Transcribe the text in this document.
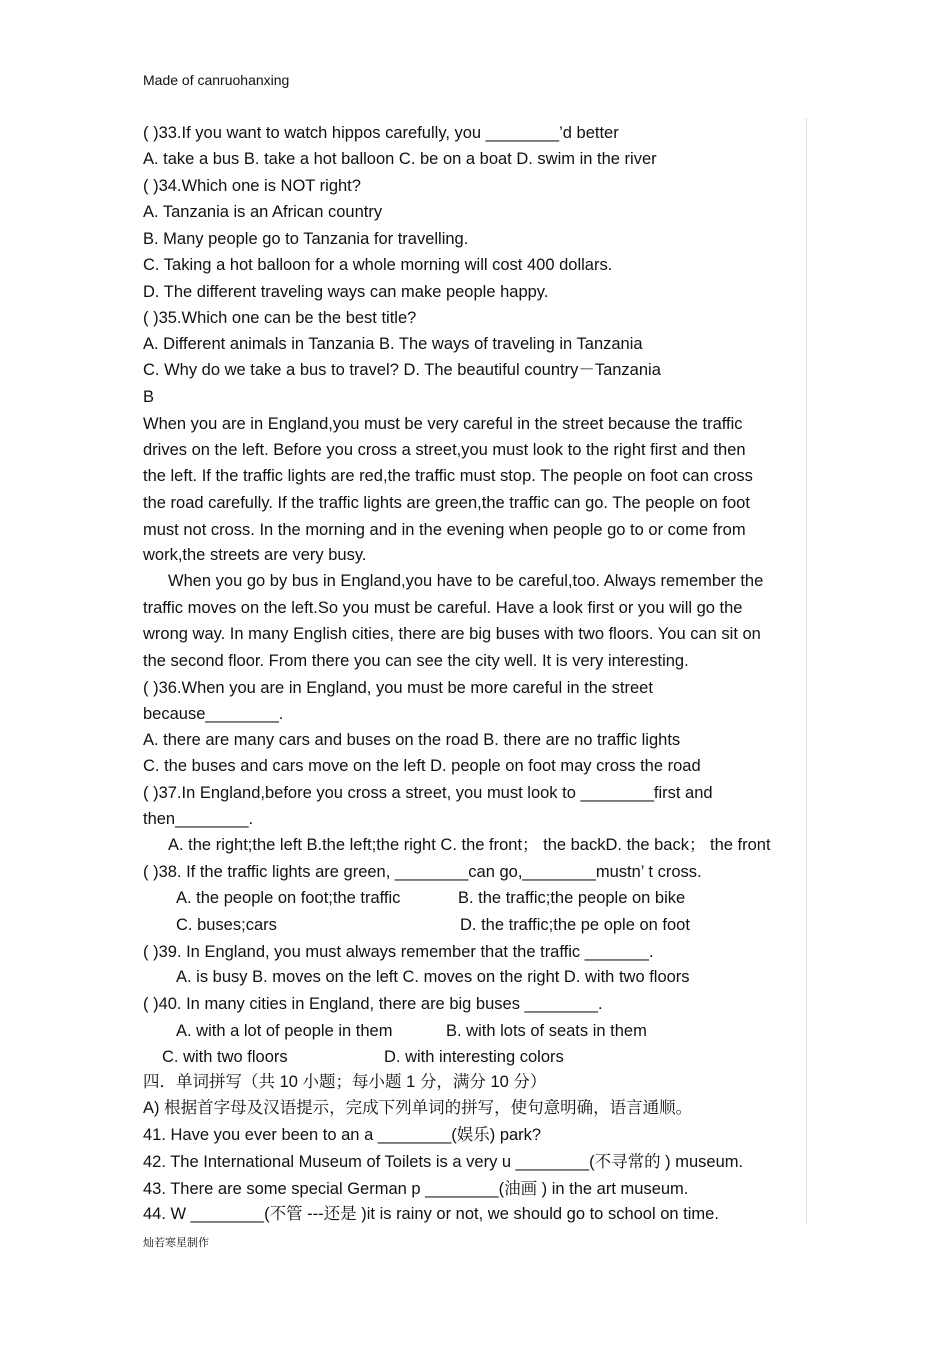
Made of canruohanxing
( )33.If you want to watch hippos carefully, you ________’d better
A. take a bus B. take a hot balloon C. be on a boat D. swim in the river
( )34.Which one is NOT right?
A. Tanzania is an African country
B. Many people go to Tanzania for travelling.
C. Taking a hot balloon for a whole morning will cost 400 dollars.
D. The different traveling ways can make people happy.
( )35.Which one can be the best title?
A. Different animals in Tanzania B. The ways of traveling in Tanzania
C. Why do we take a bus to travel? D. The beautiful country－Tanzania
B
When you are in England,you must be very careful in the street because the traffic
drives on the left. Before you cross a street,you must look to the right first and then
the left. If the traffic lights are red,the traffic must stop. The people on foot can cross
the road carefully. If the traffic lights are green,the traffic can go. The people on foot
must not cross. In the morning and in the evening when people go to or come from
work,the streets are very busy.
When you go by bus in England,you have to be careful,too. Always remember the
traffic moves on the left.So you must be careful. Have a look first or you will go the
wrong way. In many English cities, there are big buses with two floors. You can sit on
the second floor. From there you can see the city well. It is very interesting.
( )36.When you are in England, you must be more careful in the street
because________.
A. there are many cars and buses on the road B. there are no traffic lights
C. the buses and cars move on the left D. people on foot may cross the road
( )37.In England,before you cross a street, you must look to ________first and
then________.
A. the right;the left B.the left;the right C. the front； the backD. the back； the front
( )38. If the traffic lights are green, ________can go,________mustn’ t cross.
A. the people on foot;the traffic	B. the traffic;the people on bike
C. buses;cars	D. the traffic;the pe ople on foot
( )39. In England, you must always remember that the traffic _______.
A. is busy B. moves on the left C. moves on the right D. with two floors
( )40. In many cities in England, there are big buses ________.
A. with a lot of people in them	B. with lots of seats in them
C. with two floors	D. with interesting colors
四．单词拼写（共 10 小题；每小题 1 分，满分 10 分）
A) 根据首字母及汉语提示，完成下列单词的拼写，使句意明确，语言通顺。
41. Have you ever been to an a ________(娱乐) park?
42. The International Museum of Toilets is a very u ________(不寻常的 ) museum.
43. There are some special German p ________(油画 ) in the art museum.
44. W ________(不管 ---还是 )it is rainy or not, we should go to school on time.
灿若寒星制作
